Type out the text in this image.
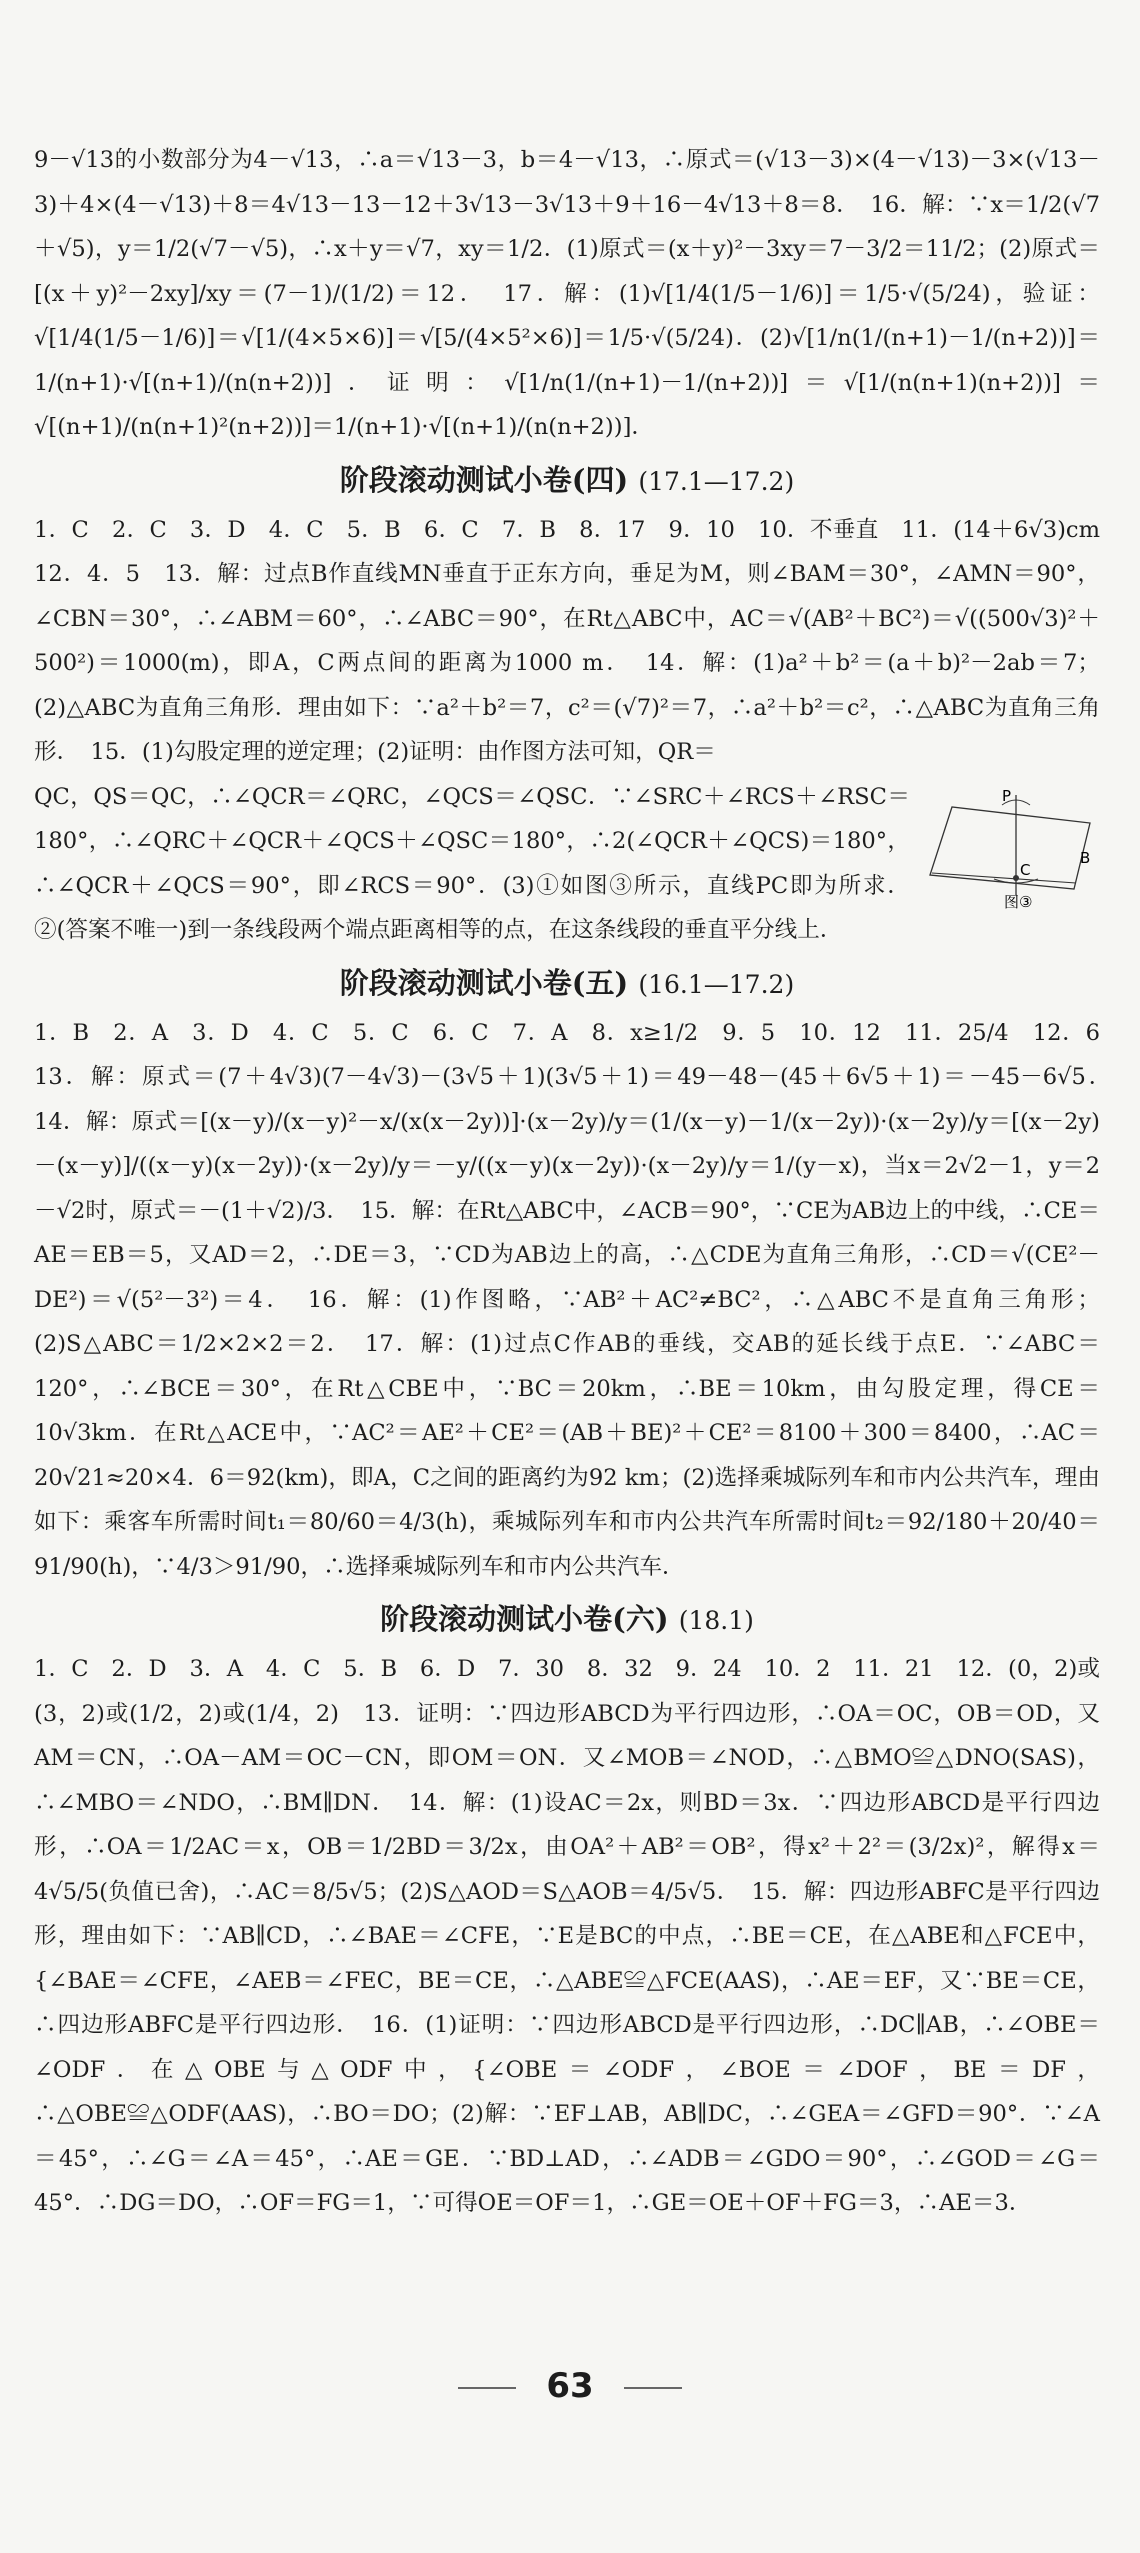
9－√13的小数部分为4－√13，∴a＝√13－3，b＝4－√13，∴原式＝(√13－3)×(4－√13)－3×(√13－3)＋4×(4－√13)＋8＝4√13－13－12＋3√13－3√13＋9＋16－4√13＋8＝8．　16．解：∵x＝1/2(√7＋√5)，y＝1/2(√7－√5)，∴x＋y＝√7，xy＝1/2．(1)原式＝(x＋y)²－3xy＝7－3/2＝11/2；(2)原式＝[(x＋y)²－2xy]/xy＝(7－1)/(1/2)＝12．　17．解：(1)√[1/4(1/5－1/6)]＝1/5·√(5/24)，验证：√[1/4(1/5－1/6)]＝√[1/(4×5×6)]＝√[5/(4×5²×6)]＝1/5·√(5/24)．(2)√[1/n(1/(n+1)－1/(n+2))]＝1/(n+1)·√[(n+1)/(n(n+2))]．证明：√[1/n(1/(n+1)－1/(n+2))]＝√[1/(n(n+1)(n+2))]＝√[(n+1)/(n(n+1)²(n+2))]＝1/(n+1)·√[(n+1)/(n(n+2))]．

阶段滚动测试小卷(四) (17.1—17.2)

1．C　2．C　3．D　4．C　5．B　6．C　7．B　8．17　9．10　10．不垂直　11．(14＋6√3)cm　12．4．5　13．解：过点B作直线MN垂直于正东方向，垂足为M，则∠BAM＝30°，∠AMN＝90°，∠CBN＝30°，∴∠ABM＝60°，∴∠ABC＝90°，在Rt△ABC中，AC＝√(AB²＋BC²)＝√((500√3)²＋500²)＝1000(m)，即A，C两点间的距离为1000 m．　14．解：(1)a²＋b²＝(a＋b)²－2ab＝7；(2)△ABC为直角三角形．理由如下：∵a²＋b²＝7，c²＝(√7)²＝7，∴a²＋b²＝c²，∴△ABC为直角三角形．　15．(1)勾股定理的逆定理；(2)证明：由作图方法可知，QR＝

P
C
B
图③
QC，QS＝QC，∴∠QCR＝∠QRC，∠QCS＝∠QSC．∵∠SRC＋∠RCS＋∠RSC＝180°，∴∠QRC＋∠QCR＋∠QCS＋∠QSC＝180°，∴2(∠QCR＋∠QCS)＝180°，∴∠QCR＋∠QCS＝90°，即∠RCS＝90°．(3)①如图③所示，直线PC即为所求．②(答案不唯一)到一条线段两个端点距离相等的点，在这条线段的垂直平分线上．
阶段滚动测试小卷(五) (16.1—17.2)

1．B　2．A　3．D　4．C　5．C　6．C　7．A　8．x≥1/2　9．5　10．12　11．25/4　12．6　13．解：原式＝(7＋4√3)(7－4√3)－(3√5＋1)(3√5＋1)＝49－48－(45＋6√5＋1)＝－45－6√5．　14．解：原式＝[(x－y)/(x－y)²－x/(x(x－2y))]·(x－2y)/y＝(1/(x－y)－1/(x－2y))·(x－2y)/y＝[(x－2y)－(x－y)]/((x－y)(x－2y))·(x－2y)/y＝－y/((x－y)(x－2y))·(x－2y)/y＝1/(y－x)，当x＝2√2－1，y＝2－√2时，原式＝－(1＋√2)/3．　15．解：在Rt△ABC中，∠ACB＝90°，∵CE为AB边上的中线，∴CE＝AE＝EB＝5，又AD＝2，∴DE＝3，∵CD为AB边上的高，∴△CDE为直角三角形，∴CD＝√(CE²－DE²)＝√(5²－3²)＝4．　16．解：(1)作图略，∵AB²＋AC²≠BC²，∴△ABC不是直角三角形；(2)S△ABC＝1/2×2×2＝2．　17．解：(1)过点C作AB的垂线，交AB的延长线于点E．∵∠ABC＝120°，∴∠BCE＝30°，在Rt△CBE中，∵BC＝20km，∴BE＝10km，由勾股定理，得CE＝10√3km．在Rt△ACE中，∵AC²＝AE²＋CE²＝(AB＋BE)²＋CE²＝8100＋300＝8400，∴AC＝20√21≈20×4．6＝92(km)，即A，C之间的距离约为92 km；(2)选择乘城际列车和市内公共汽车，理由如下：乘客车所需时间t₁＝80/60＝4/3(h)，乘城际列车和市内公共汽车所需时间t₂＝92/180＋20/40＝91/90(h)，∵4/3＞91/90，∴选择乘城际列车和市内公共汽车．

阶段滚动测试小卷(六) (18.1)

1．C　2．D　3．A　4．C　5．B　6．D　7．30　8．32　9．24　10．2　11．21　12．(0，2)或(3，2)或(1/2，2)或(1/4，2)　13．证明：∵四边形ABCD为平行四边形，∴OA＝OC，OB＝OD，又AM＝CN，∴OA－AM＝OC－CN，即OM＝ON．又∠MOB＝∠NOD，∴△BMO≌△DNO(SAS)，∴∠MBO＝∠NDO，∴BM∥DN．　14．解：(1)设AC＝2x，则BD＝3x．∵四边形ABCD是平行四边形，∴OA＝1/2AC＝x，OB＝1/2BD＝3/2x，由OA²＋AB²＝OB²，得x²＋2²＝(3/2x)²，解得x＝4√5/5(负值已舍)，∴AC＝8/5√5；(2)S△AOD＝S△AOB＝4/5√5．　15．解：四边形ABFC是平行四边形，理由如下：∵AB∥CD，∴∠BAE＝∠CFE，∵E是BC的中点，∴BE＝CE，在△ABE和△FCE中，{∠BAE＝∠CFE，∠AEB＝∠FEC，BE＝CE，∴△ABE≌△FCE(AAS)，∴AE＝EF，又∵BE＝CE，∴四边形ABFC是平行四边形．　16．(1)证明：∵四边形ABCD是平行四边形，∴DC∥AB，∴∠OBE＝∠ODF．在△OBE与△ODF中，{∠OBE＝∠ODF，∠BOE＝∠DOF，BE＝DF，∴△OBE≌△ODF(AAS)，∴BO＝DO；(2)解：∵EF⊥AB，AB∥DC，∴∠GEA＝∠GFD＝90°．∵∠A＝45°，∴∠G＝∠A＝45°，∴AE＝GE．∵BD⊥AD，∴∠ADB＝∠GDO＝90°，∴∠GOD＝∠G＝45°．∴DG＝DO，∴OF＝FG＝1，∵可得OE＝OF＝1，∴GE＝OE＋OF＋FG＝3，∴AE＝3．

63
